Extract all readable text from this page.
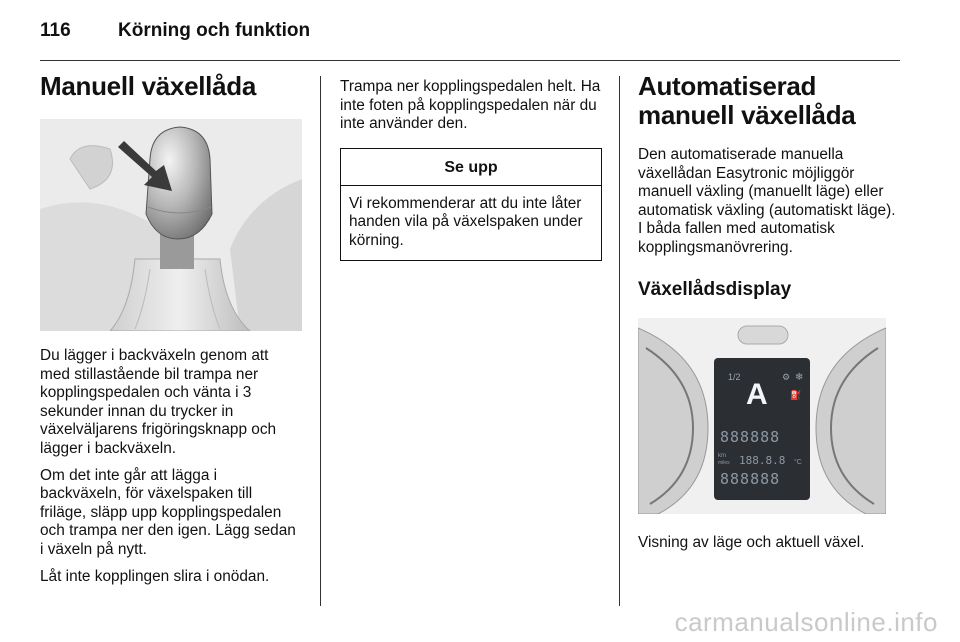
116	Körning och funktion
Manuell växellåda

Du lägger i backväxeln genom att med stillastående bil trampa ner kopplingspedalen och vänta i 3 sekunder innan du trycker in växelväljarens frigöringsknapp och lägger i backväxeln.

Om det inte går att lägga i backväxeln, för växelspaken till friläge, släpp upp kopplingspedalen och trampa ner den igen. Lägg sedan i växeln på nytt.

Låt inte kopplingen slira i onödan.

Trampa ner kopplingspedalen helt. Ha inte foten på kopplingspedalen när du inte använder den.

Se upp
Vi rekommenderar att du inte låter handen vila på växelspaken under körning.
Automatiserad manuell växellåda

Den automatiserade manuella växellådan Easytronic möjliggör manuell växling (manuellt läge) eller automatisk växling (automatiskt läge). I båda fallen med automatisk kopplingsmanövrering.

Växellådsdisplay
1/2	❄
⚙
⛽
A
888888
km
miles 188.8.8 °C
888888

Visning av läge och aktuell växel.

carmanualsonline.info
